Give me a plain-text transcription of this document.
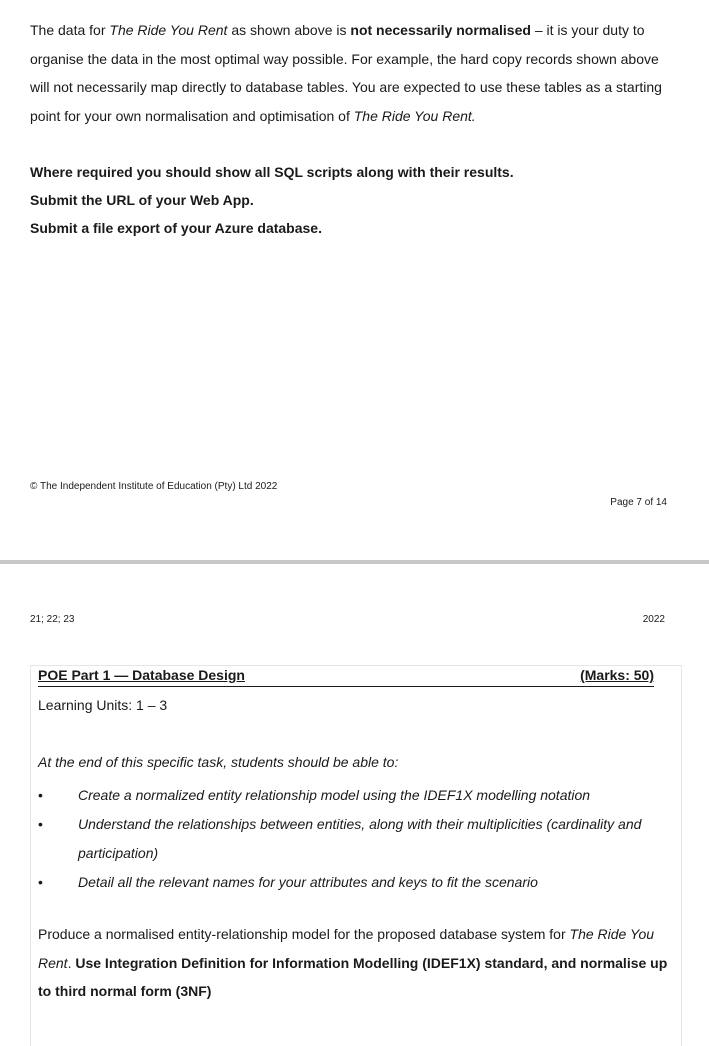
The data for The Ride You Rent as shown above is not necessarily normalised – it is your duty to organise the data in the most optimal way possible. For example, the hard copy records shown above will not necessarily map directly to database tables. You are expected to use these tables as a starting point for your own normalisation and optimisation of The Ride You Rent.

Where required you should show all SQL scripts along with their results.

Submit the URL of your Web App.

Submit a file export of your Azure database.

© The Independent Institute of Education (Pty) Ltd 2022
Page 7 of 14
21; 22; 23	2022
POE Part 1 — Database Design	(Marks: 50)
Learning Units: 1 – 3
At the end of this specific task, students should be able to:
•	Create a normalized entity relationship model using the IDEF1X modelling notation
•	Understand the relationships between entities, along with their multiplicities (cardinality and participation)
•	Detail all the relevant names for your attributes and keys to fit the scenario

Produce a normalised entity-relationship model for the proposed database system for The Ride You Rent. Use Integration Definition for Information Modelling (IDEF1X) standard, and normalise up to third normal form (3NF)
